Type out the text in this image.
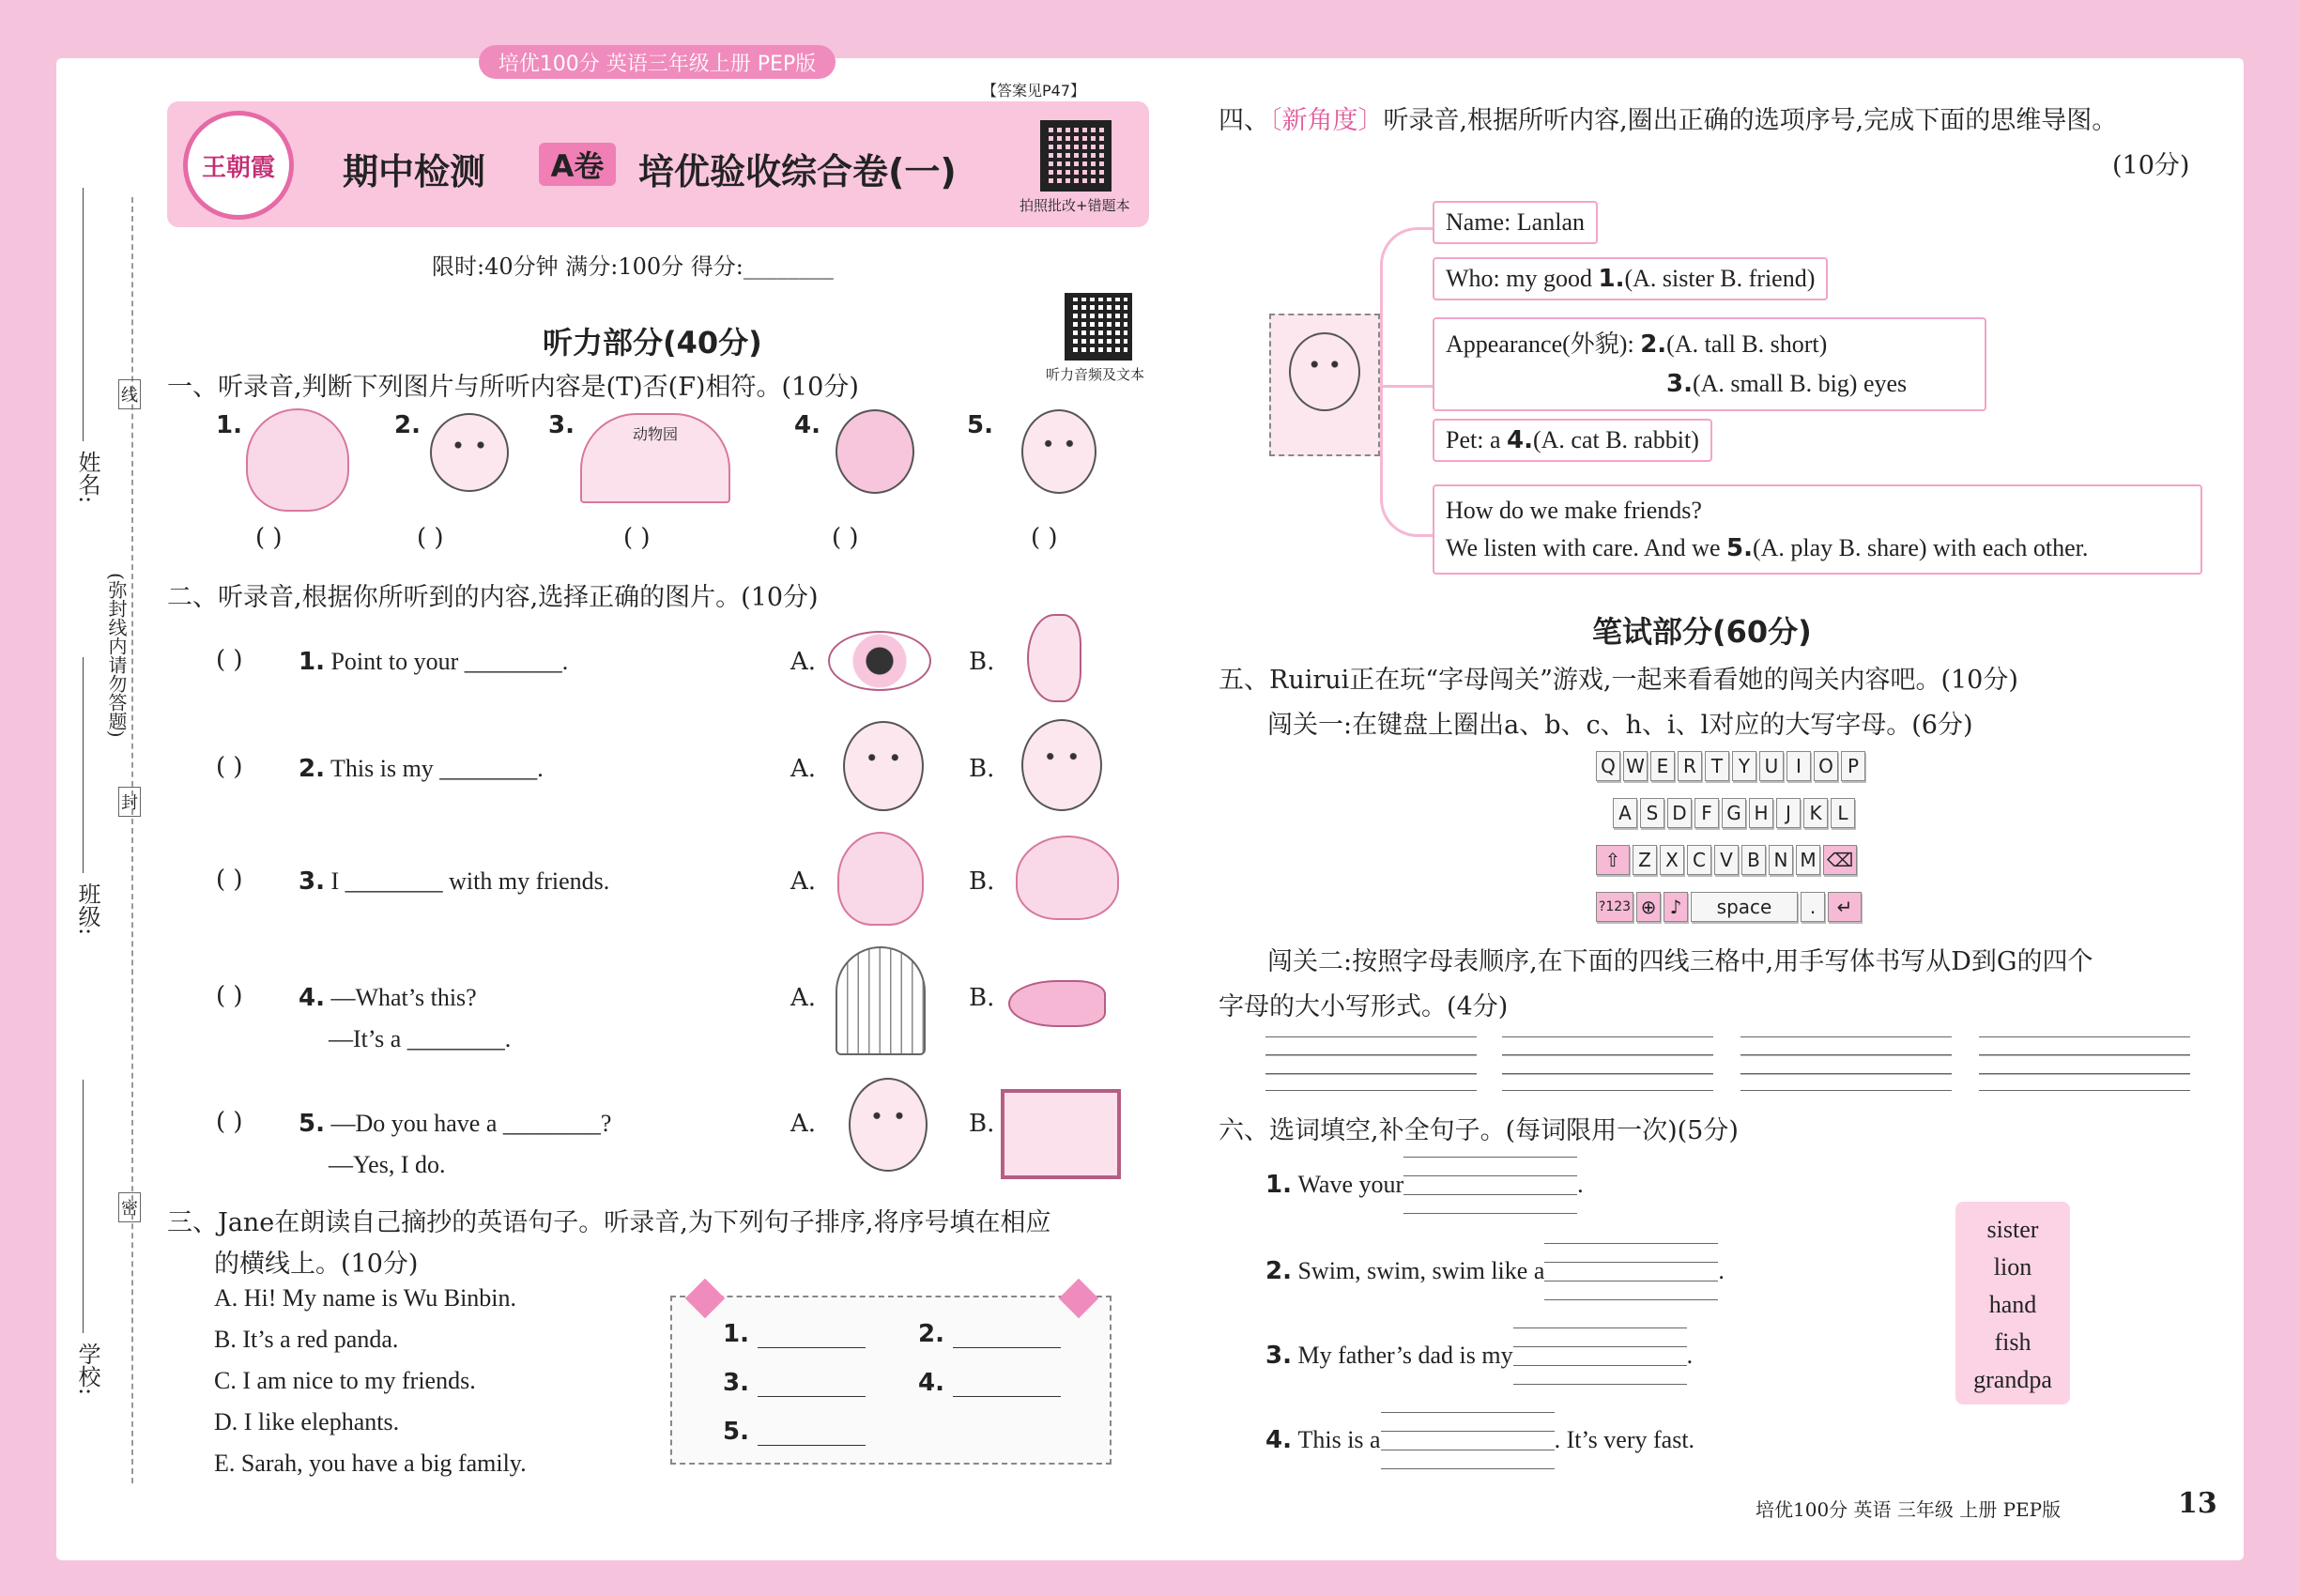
培优100分 英语三年级上册 PEP版
【答案见P47】
王朝霞 期中检测	A卷 培优验收综合卷(一)
拍照批改+错题本
限时:40分钟 满分:100分 得分:________
姓名:
班级:
学校:
(弥封线内请勿答题)
线
封
密
听力部分(40分)
听力音频及文本
一、听录音,判断下列图片与所听内容是(T)否(F)相符。(10分)
1.
( )
2.
( )
3.	动物园
( )
4.
( )
5.
( )
二、听录音,根据你所听到的内容,选择正确的图片。(10分)
( ) 1. Point to your ________.	A.	B.
( ) 2. This is my ________.	A.	B.
( ) 3. I ________ with my friends.	A.	B.
( ) 4. —What’s this?
—It’s a ________.
A.	B.
( ) 5. —Do you have a ________?
—Yes, I do.
A.	B.
三、Jane在朗读自己摘抄的英语句子。听录音,为下列句子排序,将序号填在相应
的横线上。(10分)
A. Hi! My name is Wu Binbin.
B. It’s a red panda.
C. I am nice to my friends.
D. I like elephants.
E. Sarah, you have a big family.
1.	2.
3.	4.
5.
四、〔新角度〕听录音,根据所听内容,圈出正确的选项序号,完成下面的思维导图。
(10分)
Name: Lanlan
Who: my good 1.(A. sister B. friend)
Appearance(外貌): 2.(A. tall B. short)
3.(A. small B. big) eyes
Pet: a 4.(A. cat B. rabbit)
How do we make friends?
We listen with care. And we 5.(A. play B. share) with each other.
笔试部分(60分)
五、Ruirui正在玩“字母闯关”游戏,一起来看看她的闯关内容吧。(10分)
闯关一:在键盘上圈出a、b、c、h、i、l对应的大写字母。(6分)
Q W E R T Y U I O P
A S D F G H J K L
⇧ Z X C V B N M ⌫
?123 ⊕ ♪	space	.	↵
闯关二:按照字母表顺序,在下面的四线三格中,用手写体书写从D到G的四个
字母的大小写形式。(4分)
六、选词填空,补全句子。(每词限用一次)(5分)
1.
Wave your	.
2.
Swim, swim, swim like a	.
3.
My father’s dad is my	.
4.
This is a	. It’s very fast.
sister
lion
hand
fish
grandpa
培优100分 英语 三年级 上册 PEP版	13
